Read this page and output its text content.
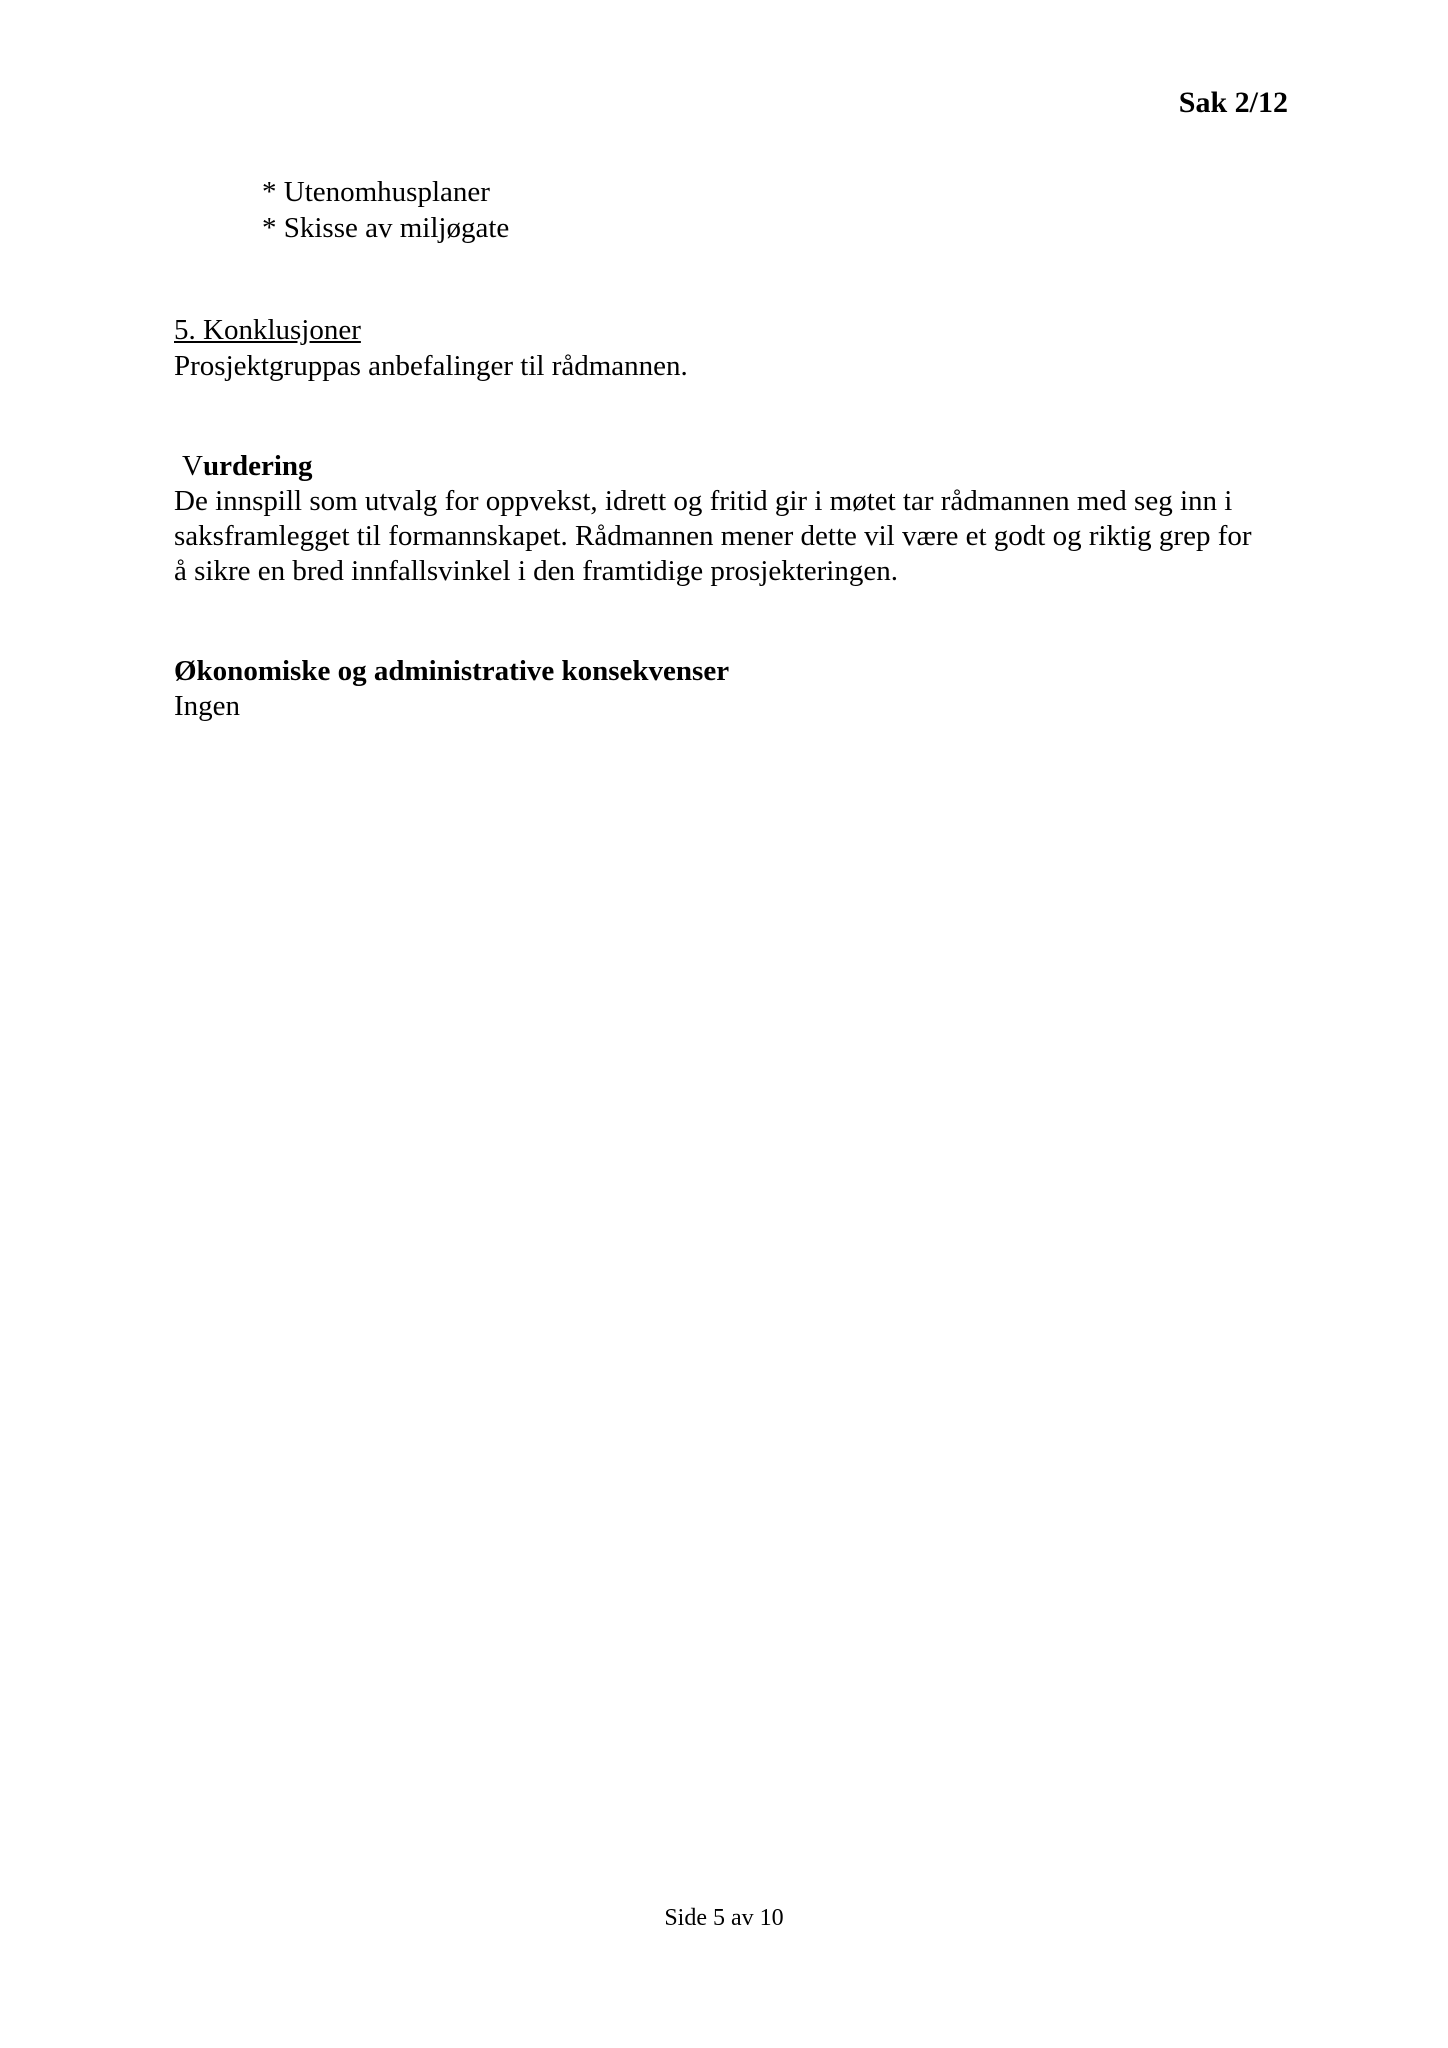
Sak 2/12
* Utenomhusplaner
* Skisse av miljøgate
5. Konklusjoner
Prosjektgruppas anbefalinger til rådmannen.
Vurdering
De innspill som utvalg for oppvekst, idrett og fritid gir i møtet tar rådmannen med seg inn i
saksframlegget til formannskapet. Rådmannen mener dette vil være et godt og riktig grep for
å sikre en bred innfallsvinkel i den framtidige prosjekteringen.
Økonomiske og administrative konsekvenser
Ingen
Side 5 av 10
